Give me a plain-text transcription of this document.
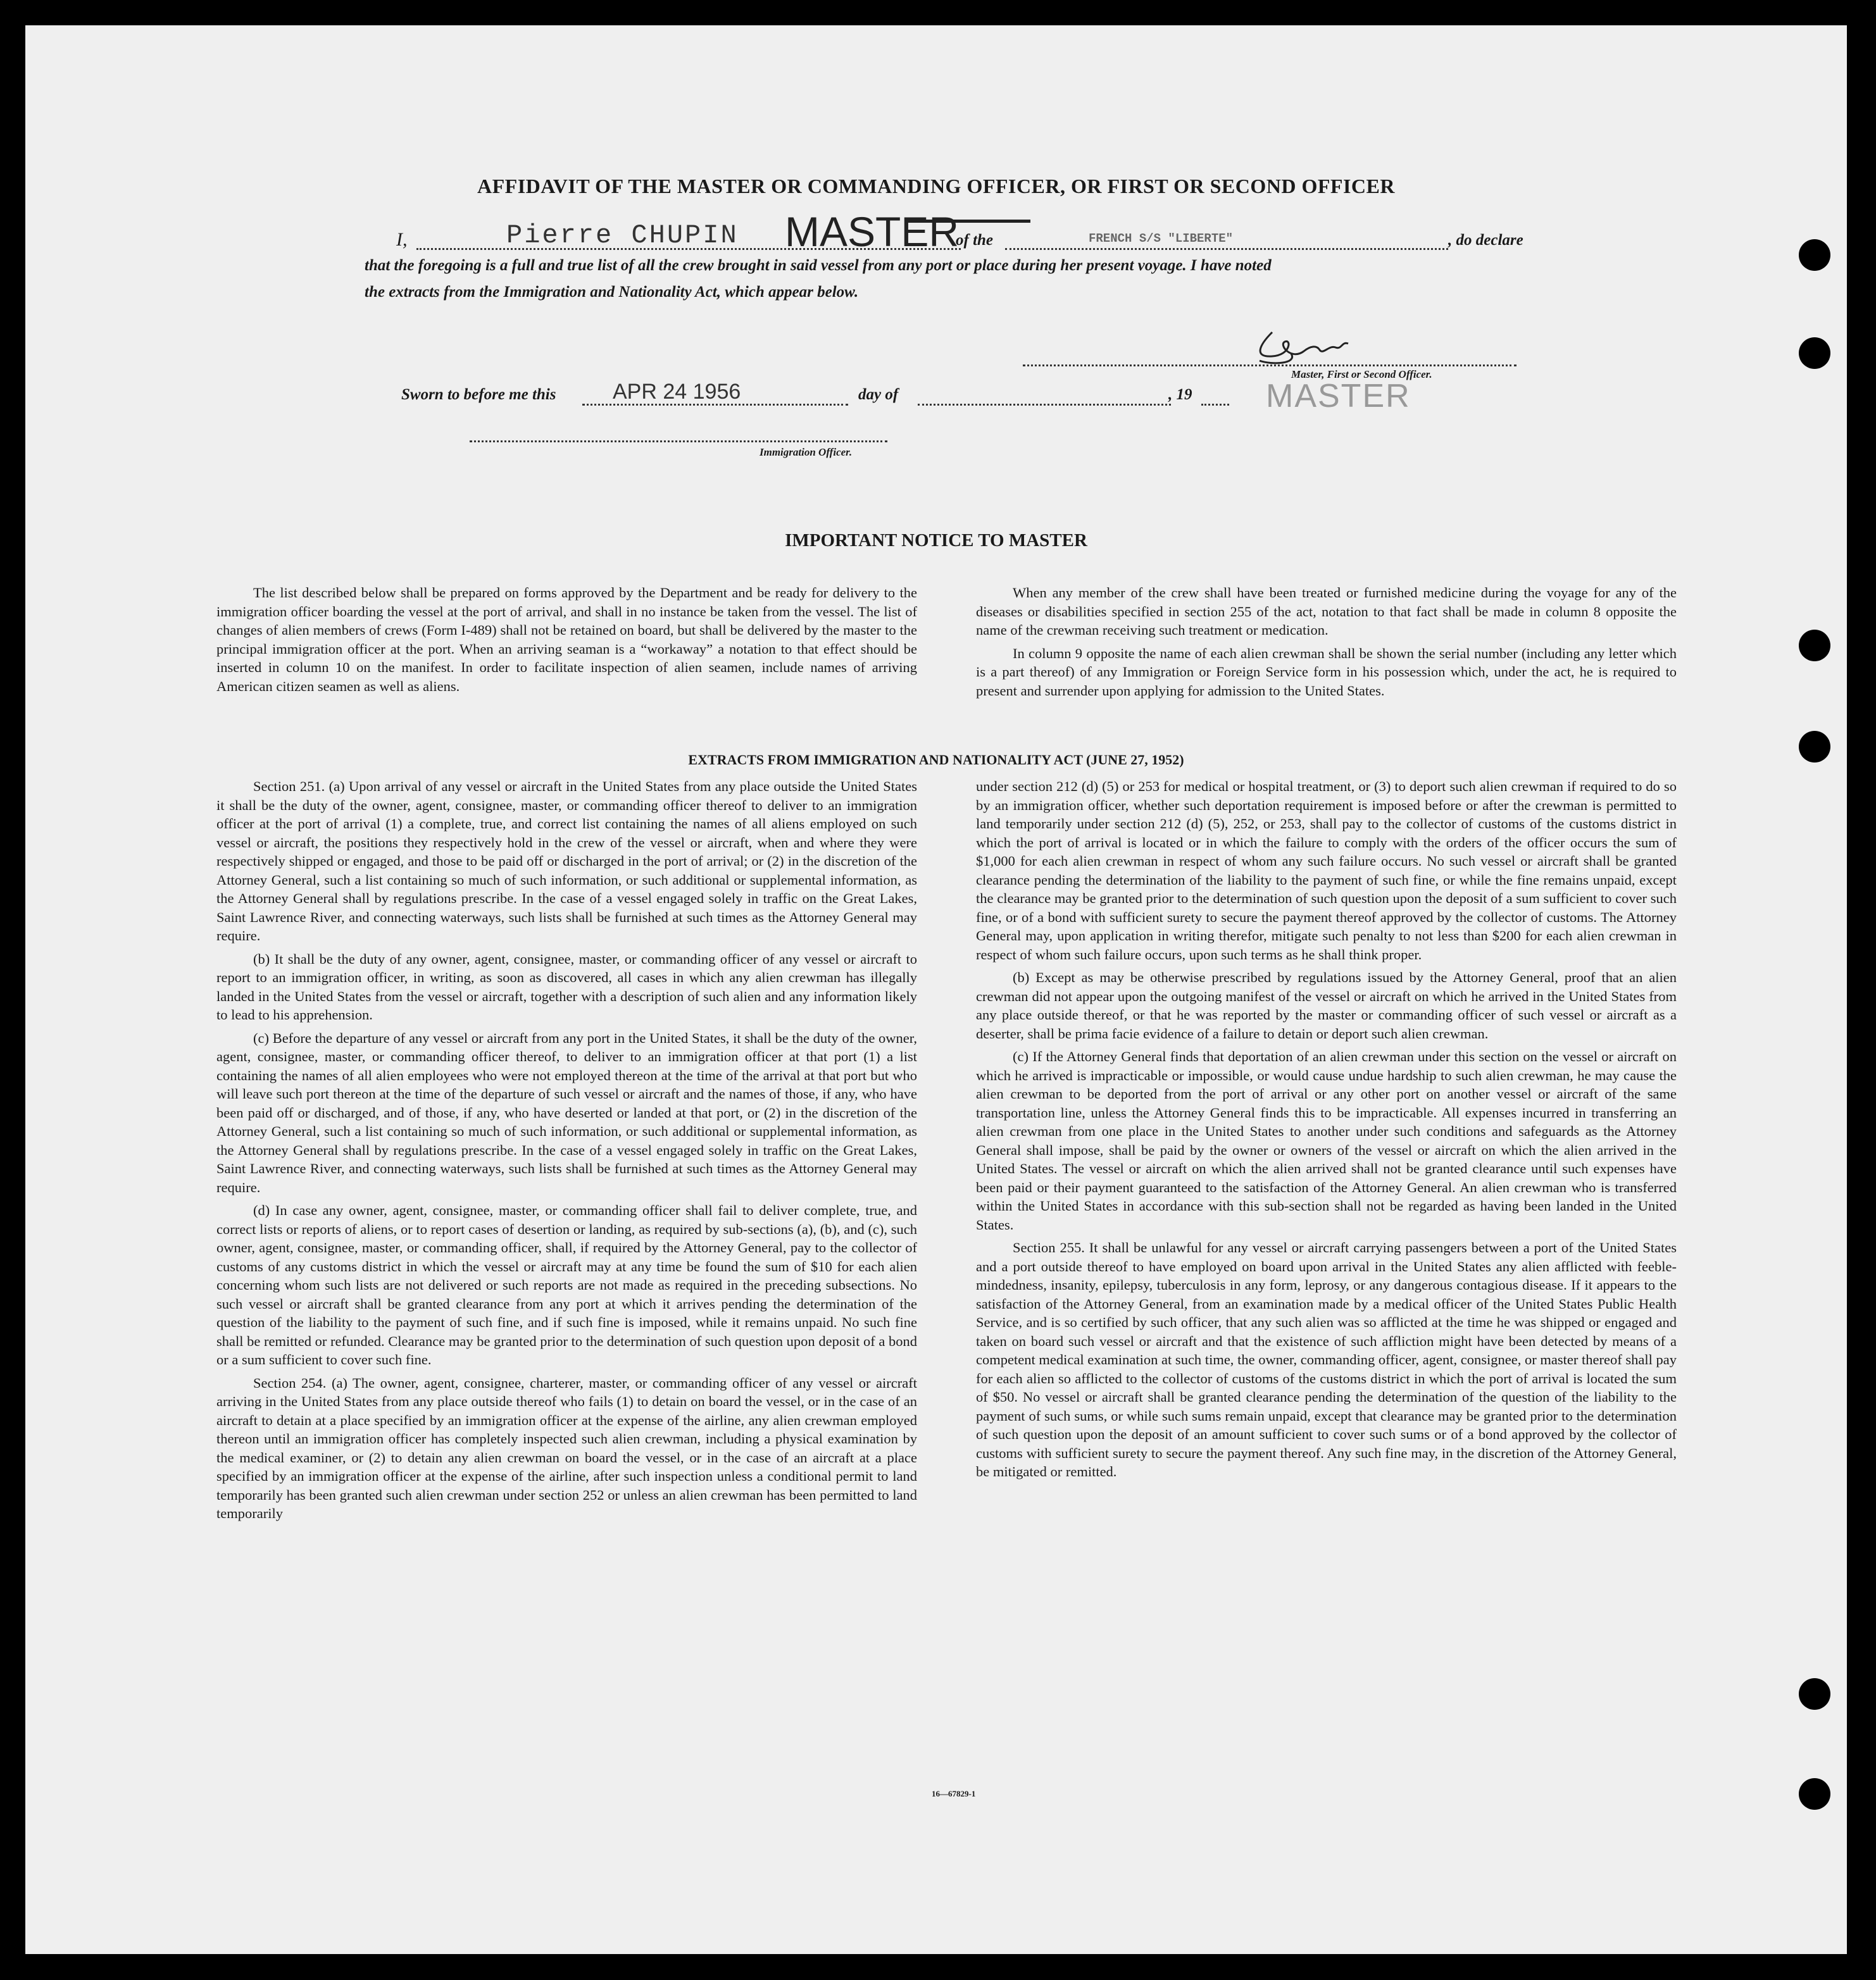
AFFIDAVIT OF THE MASTER OR COMMANDING OFFICER, OR FIRST OR SECOND OFFICER
I,	Pierre CHUPIN MASTER
of the	FRENCH S/S "LIBERTE"	, do declare
that the foregoing is a full and true list of all the crew brought in said vessel from any port or place during her present voyage. I have noted
the extracts from the Immigration and Nationality Act, which appear below.
Master, First or Second Officer.
Sworn to before me this	APR 24 1956	day of	, 19 MASTER
Immigration Officer.
IMPORTANT NOTICE TO MASTER

The list described below shall be prepared on forms approved by the Department and be ready for delivery to the immigration officer boarding the vessel at the port of arrival, and shall in no instance be taken from the vessel. The list of changes of alien members of crews (Form I-489) shall not be retained on board, but shall be delivered by the master to the principal immigration officer at the port. When an arriving seaman is a “workaway” a notation to that effect should be inserted in column 10 on the manifest. In order to facilitate inspection of alien seamen, include names of arriving American citizen seamen as well as aliens.

When any member of the crew shall have been treated or furnished medicine during the voyage for any of the diseases or disabilities specified in section 255 of the act, notation to that fact shall be made in column 8 opposite the name of the crewman receiving such treatment or medication.

In column 9 opposite the name of each alien crewman shall be shown the serial number (including any letter which is a part thereof) of any Immigration or Foreign Service form in his possession which, under the act, he is required to present and surrender upon applying for admission to the United States.

EXTRACTS FROM IMMIGRATION AND NATIONALITY ACT (JUNE 27, 1952)

Section 251. (a) Upon arrival of any vessel or aircraft in the United States from any place outside the United States it shall be the duty of the owner, agent, consignee, master, or commanding officer thereof to deliver to an immigration officer at the port of arrival (1) a complete, true, and correct list containing the names of all aliens employed on such vessel or aircraft, the positions they respectively hold in the crew of the vessel or aircraft, when and where they were respectively shipped or engaged, and those to be paid off or discharged in the port of arrival; or (2) in the discretion of the Attorney General, such a list containing so much of such information, or such additional or supplemental information, as the Attorney General shall by regulations prescribe. In the case of a vessel engaged solely in traffic on the Great Lakes, Saint Lawrence River, and connecting waterways, such lists shall be furnished at such times as the Attorney General may require.

(b) It shall be the duty of any owner, agent, consignee, master, or commanding officer of any vessel or aircraft to report to an immigration officer, in writing, as soon as discovered, all cases in which any alien crewman has illegally landed in the United States from the vessel or aircraft, together with a description of such alien and any information likely to lead to his apprehension.

(c) Before the departure of any vessel or aircraft from any port in the United States, it shall be the duty of the owner, agent, consignee, master, or commanding officer thereof, to deliver to an immigration officer at that port (1) a list containing the names of all alien employees who were not employed thereon at the time of the arrival at that port but who will leave such port thereon at the time of the departure of such vessel or aircraft and the names of those, if any, who have been paid off or discharged, and of those, if any, who have deserted or landed at that port, or (2) in the discretion of the Attorney General, such a list containing so much of such information, or such additional or supplemental information, as the Attorney General shall by regulations prescribe. In the case of a vessel engaged solely in traffic on the Great Lakes, Saint Lawrence River, and connecting waterways, such lists shall be furnished at such times as the Attorney General may require.

(d) In case any owner, agent, consignee, master, or commanding officer shall fail to deliver complete, true, and correct lists or reports of aliens, or to report cases of desertion or landing, as required by sub-sections (a), (b), and (c), such owner, agent, consignee, master, or commanding officer, shall, if required by the Attorney General, pay to the collector of customs of any customs district in which the vessel or aircraft may at any time be found the sum of $10 for each alien concerning whom such lists are not delivered or such reports are not made as required in the preceding subsections. No such vessel or aircraft shall be granted clearance from any port at which it arrives pending the determination of the question of the liability to the payment of such fine, and if such fine is imposed, while it remains unpaid. No such fine shall be remitted or refunded. Clearance may be granted prior to the determination of such question upon deposit of a bond or a sum sufficient to cover such fine.

Section 254. (a) The owner, agent, consignee, charterer, master, or commanding officer of any vessel or aircraft arriving in the United States from any place outside thereof who fails (1) to detain on board the vessel, or in the case of an aircraft to detain at a place specified by an immigration officer at the expense of the airline, any alien crewman employed thereon until an immigration officer has completely inspected such alien crewman, including a physical examination by the medical examiner, or (2) to detain any alien crewman on board the vessel, or in the case of an aircraft at a place specified by an immigration officer at the expense of the airline, after such inspection unless a conditional permit to land temporarily has been granted such alien crewman under section 252 or unless an alien crewman has been permitted to land temporarily

under section 212 (d) (5) or 253 for medical or hospital treatment, or (3) to deport such alien crewman if required to do so by an immigration officer, whether such deportation requirement is imposed before or after the crewman is permitted to land temporarily under section 212 (d) (5), 252, or 253, shall pay to the collector of customs of the customs district in which the port of arrival is located or in which the failure to comply with the orders of the officer occurs the sum of $1,000 for each alien crewman in respect of whom any such failure occurs. No such vessel or aircraft shall be granted clearance pending the determination of the liability to the payment of such fine, or while the fine remains unpaid, except the clearance may be granted prior to the determination of such question upon the deposit of a sum sufficient to cover such fine, or of a bond with sufficient surety to secure the payment thereof approved by the collector of customs. The Attorney General may, upon application in writing therefor, mitigate such penalty to not less than $200 for each alien crewman in respect of whom such failure occurs, upon such terms as he shall think proper.

(b) Except as may be otherwise prescribed by regulations issued by the Attorney General, proof that an alien crewman did not appear upon the outgoing manifest of the vessel or aircraft on which he arrived in the United States from any place outside thereof, or that he was reported by the master or commanding officer of such vessel or aircraft as a deserter, shall be prima facie evidence of a failure to detain or deport such alien crewman.

(c) If the Attorney General finds that deportation of an alien crewman under this section on the vessel or aircraft on which he arrived is impracticable or impossible, or would cause undue hardship to such alien crewman, he may cause the alien crewman to be deported from the port of arrival or any other port on another vessel or aircraft of the same transportation line, unless the Attorney General finds this to be impracticable. All expenses incurred in transferring an alien crewman from one place in the United States to another under such conditions and safeguards as the Attorney General shall impose, shall be paid by the owner or owners of the vessel or aircraft on which the alien arrived in the United States. The vessel or aircraft on which the alien arrived shall not be granted clearance until such expenses have been paid or their payment guaranteed to the satisfaction of the Attorney General. An alien crewman who is transferred within the United States in accordance with this sub-section shall not be regarded as having been landed in the United States.

Section 255. It shall be unlawful for any vessel or aircraft carrying passengers between a port of the United States and a port outside thereof to have employed on board upon arrival in the United States any alien afflicted with feeble-mindedness, insanity, epilepsy, tuberculosis in any form, leprosy, or any dangerous contagious disease. If it appears to the satisfaction of the Attorney General, from an examination made by a medical officer of the United States Public Health Service, and is so certified by such officer, that any such alien was so afflicted at the time he was shipped or engaged and taken on board such vessel or aircraft and that the existence of such affliction might have been detected by means of a competent medical examination at such time, the owner, commanding officer, agent, consignee, or master thereof shall pay for each alien so afflicted to the collector of customs of the customs district in which the port of arrival is located the sum of $50. No vessel or aircraft shall be granted clearance pending the determination of the question of the liability to the payment of such sums, or while such sums remain unpaid, except that clearance may be granted prior to the determination of such question upon the deposit of an amount sufficient to cover such sums or of a bond approved by the collector of customs with sufficient surety to secure the payment thereof. Any such fine may, in the discretion of the Attorney General, be mitigated or remitted.

16—67829-1
